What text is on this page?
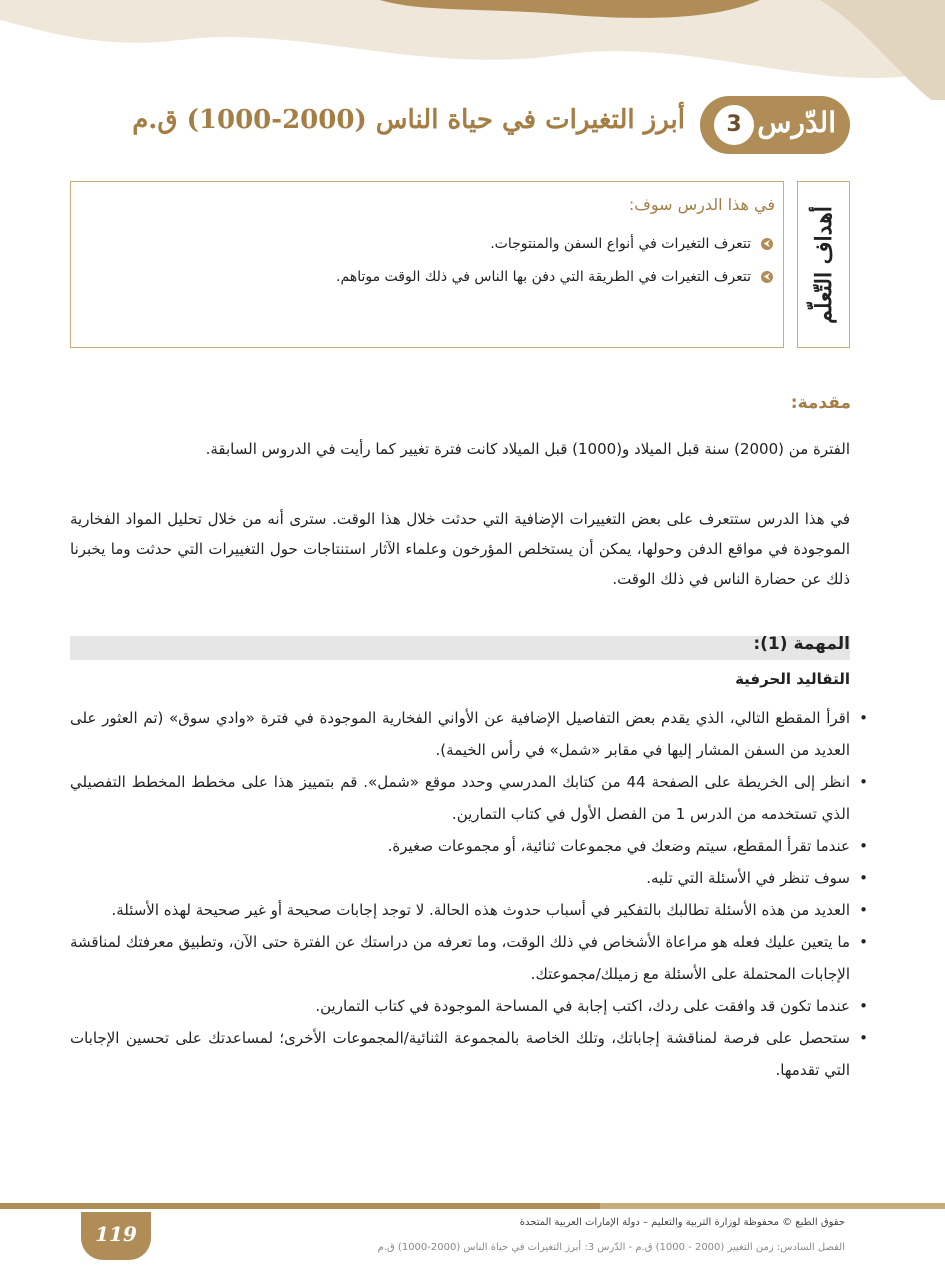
الدّرس
3
أبرز التغيرات في حياة الناس (2000-1000) ق.م
أهداف التّعلّم
في هذا الدرس سوف:
⮜تتعرف التغيرات في أنواع السفن والمنتوجات.
⮜تتعرف التغيرات في الطريقة التي دفن بها الناس في ذلك الوقت موتاهم.
مقدمة:

الفترة من (2000) سنة قبل الميلاد و(1000) قبل الميلاد كانت فترة تغيير كما رأيت في الدروس السابقة.

في هذا الدرس ستتعرف على بعض التغييرات الإضافية التي حدثت خلال هذا الوقت. سترى أنه من خلال تحليل المواد الفخارية الموجودة في مواقع الدفن وحولها، يمكن أن يستخلص المؤرخون وعلماء الآثار استنتاجات حول التغييرات التي حدثت وما يخبرنا ذلك عن حضارة الناس في ذلك الوقت.

المهمة (1):
التقاليد الحرفية
اقرأ المقطع التالي، الذي يقدم بعض التفاصيل الإضافية عن الأواني الفخارية الموجودة في فترة «وادي سوق» (تم العثور على العديد من السفن المشار إليها في مقابر «شمل» في رأس الخيمة). •
انظر إلى الخريطة على الصفحة 44 من كتابك المدرسي وحدد موقع «شمل». قم بتمييز هذا على مخطط المخطط التفصيلي الذي تستخدمه من الدرس 1 من الفصل الأول في كتاب التمارين. •
عندما تقرأ المقطع، سيتم وضعك في مجموعات ثنائية، أو مجموعات صغيرة. •
سوف تنظر في الأسئلة التي تليه. •
العديد من هذه الأسئلة تطالبك بالتفكير في أسباب حدوث هذه الحالة. لا توجد إجابات صحيحة أو غير صحيحة لهذه الأسئلة. •
ما يتعين عليك فعله هو مراعاة الأشخاص في ذلك الوقت، وما تعرفه من دراستك عن الفترة حتى الآن، وتطبيق معرفتك لمناقشة الإجابات المحتملة على الأسئلة مع زميلك/مجموعتك. •
عندما تكون قد وافقت على ردك، اكتب إجابة في المساحة الموجودة في كتاب التمارين. •
ستحصل على فرصة لمناقشة إجاباتك، وتلك الخاصة بالمجموعة الثنائية/المجموعات الأخرى؛ لمساعدتك على تحسين الإجابات التي تقدمها. •
119	حقوق الطبع © محفوظة لوزارة التربية والتعليم – دولة الإمارات العربية المتحدة
الفصل السادس: زمن التغيير (2000 - 1000) ق.م - الدّرس 3: أبرز التغيرات في حياة الناس (2000-1000) ق.م
